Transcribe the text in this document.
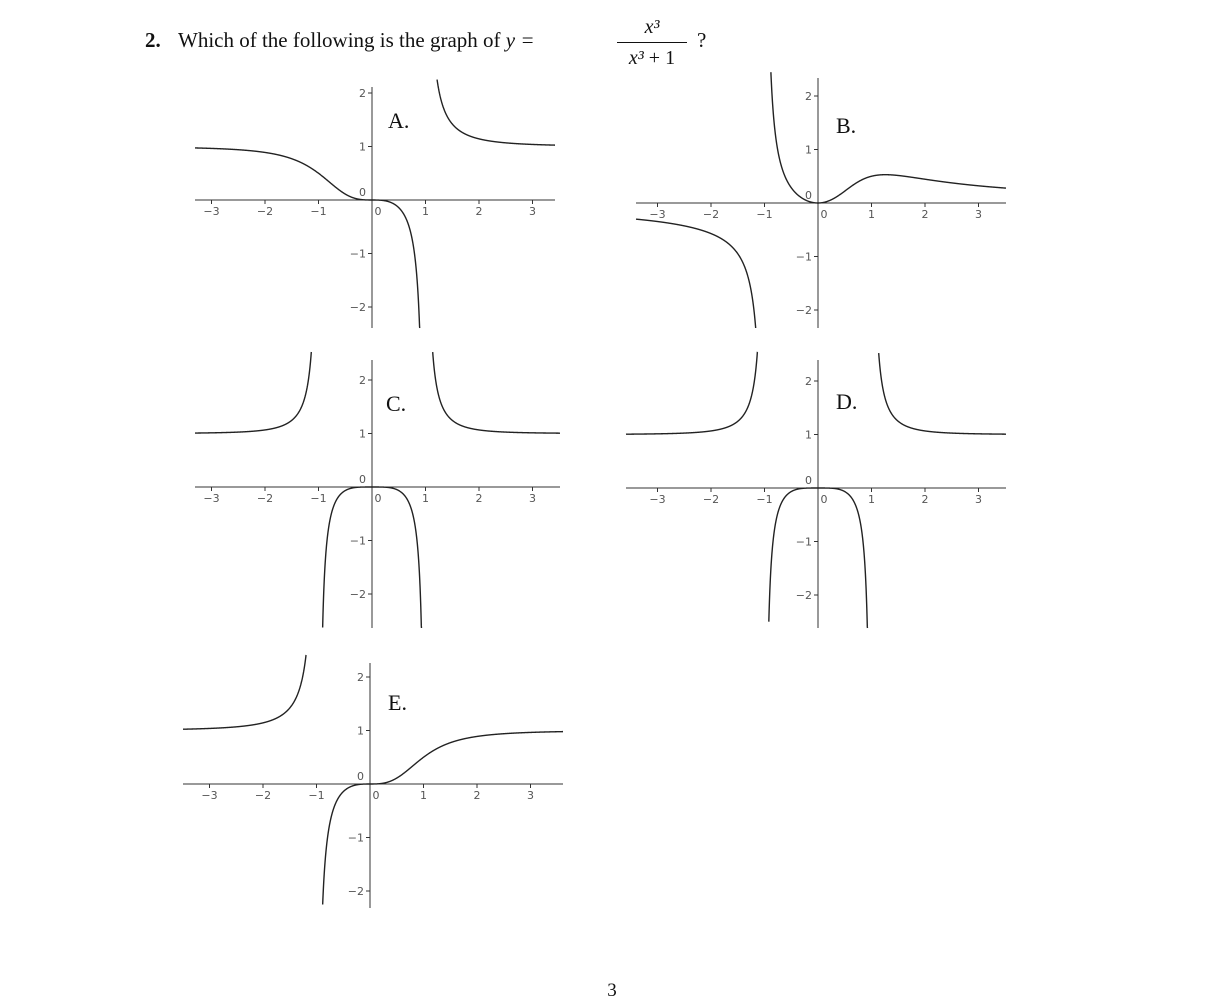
2. Which of the following is the graph of y =
x³
x³ + 1
?
−3	−2	−1	0	1	2	3
2
1
0
−1
−2
A.
−3	−2	−1	0	1	2	3
2
1
0
−1
−2
B.
−3	−2	−1	0	1	2	3
2
1
0
−1
−2
C.
−3	−2	−1	0	1	2	3
2
1
0
−1
−2
D.
−3	−2	−1	0	1	2	3
2
1
0
−1
−2
E.
3
